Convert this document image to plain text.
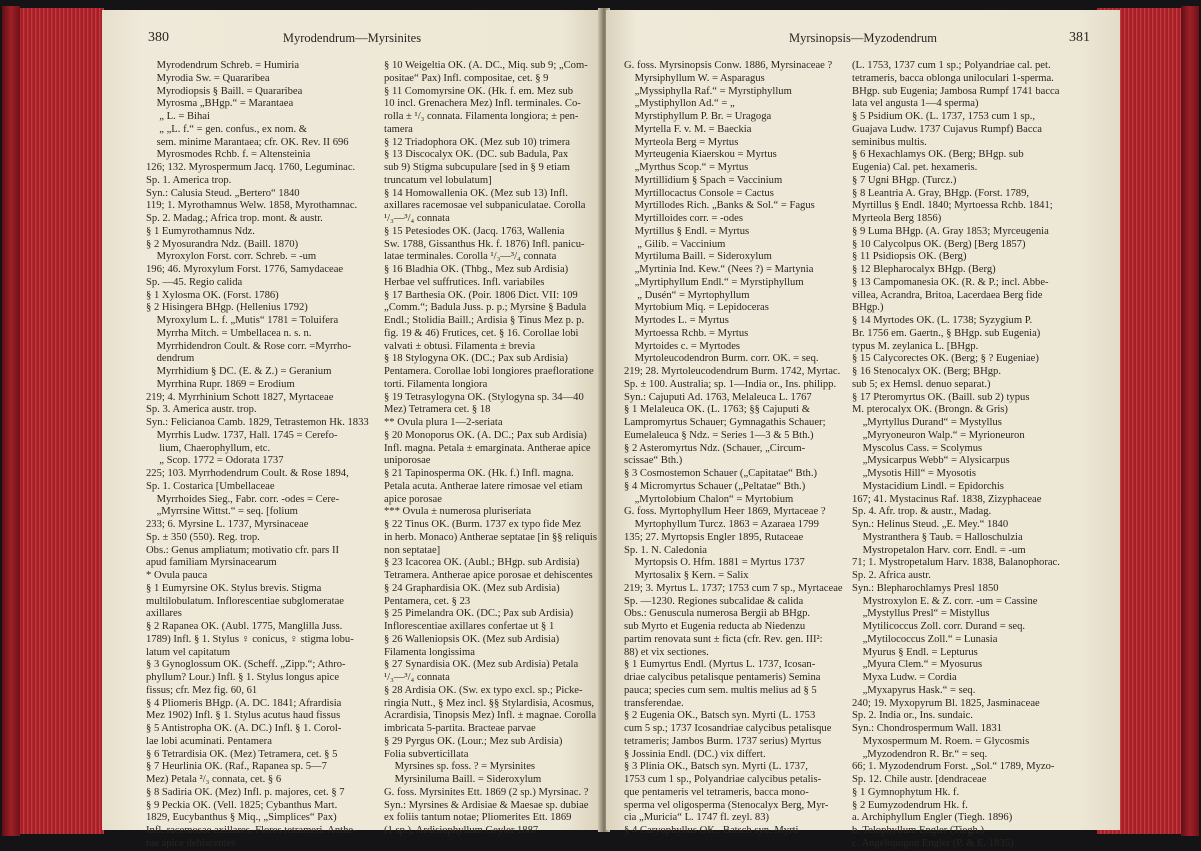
Myrodendrum—Myrsinites
380
 Myrodendrum Schreb. = Humiria
 Myrodia Sw. = Quararibea
 Myrodiopsis § Baill. = Quararibea
 Myrosma „BHgp.“ = Marantaea
  „ L. = Bihai
  „ „L. f.“ = gen. confus., ex nom. &
 sem. minime Marantaea; cfr. OK. Rev. II 696
 Myrosmodes Rchb. f. = Altensteinia
126; 132. Myrospermum Jacq. 1760, Leguminac.
Sp. 1. America trop.
Syn.: Calusia Steud. „Bertero“ 1840
119; 1. Myrothamnus Welw. 1858, Myrothamnac.
Sp. 2. Madag.; Africa trop. mont. & austr.
§ 1 Eumyrothamnus Ndz.
§ 2 Myosurandra Ndz. (Baill. 1870)
 Myroxylon Forst. corr. Schreb. = -um
196; 46. Myroxylum Forst. 1776, Samydaceae
Sp. —45. Regio calida
§ 1 Xylosma OK. (Forst. 1786)
§ 2 Hisingera BHgp. (Hellenius 1792)
 Myroxylum L. f. „Mutis“ 1781 = Toluifera
 Myrrha Mitch. = Umbellacea n. s. n.
 Myrrhidendron Coult. & Rose corr. =Myrrho-
 dendrum
 Myrrhidium § DC. (E. & Z.) = Geranium
 Myrrhina Rupr. 1869 = Erodium
219; 4. Myrrhinium Schott 1827, Myrtaceae
Sp. 3. America austr. trop.
Syn.: Felicianoa Camb. 1829, Tetrastemon Hk. 1833
 Myrrhis Ludw. 1737, Hall. 1745 = Cerefo-
  lium, Chaerophyllum, etc.
  „ Scop. 1772 = Odorata 1737
225; 103. Myrrhodendrum Coult. & Rose 1894,
Sp. 1. Costarica [Umbellaceae
 Myrrhoides Sieg., Fabr. corr. -odes = Cere-
 „Myrrsine Wittst.“ = seq. [folium
233; 6. Myrsine L. 1737, Myrsinaceae
Sp. ± 350 (550). Reg. trop.
Obs.: Genus ampliatum; motivatio cfr. pars II
apud familiam Myrsinacearum
* Ovula pauca
§ 1 Eumyrsine OK. Stylus brevis. Stigma
multilobulatum. Inflorescentiae subglomeratae
axillares
§ 2 Rapanea OK. (Aubl. 1775, Manglilla Juss.
1789) Infl. § 1. Stylus ♀ conicus, ♀ stigma lobu-
latum vel capitatum
§ 3 Gynoglossum OK. (Scheff. „Zipp.“; Athro-
phyllum? Lour.) Infl. § 1. Stylus longus apice
fissus; cfr. Mez fig. 60, 61
§ 4 Pliomeris BHgp. (A. DC. 1841; Afrardisia
Mez 1902) Infl. § 1. Stylus acutus haud fissus
§ 5 Antistropha OK. (A. DC.) Infl. § 1. Corol-
lae lobi acuminati. Pentamera
§ 6 Tetrardisia OK. (Mez) Tetramera, cet. § 5
§ 7 Heurlinia OK. (Raf., Rapanea sp. 5—7
Mez) Petala ²/₃ connata, cet. § 6
§ 8 Sadiria OK. (Mez) Infl. p. majores, cet. § 7
§ 9 Peckia OK. (Vell. 1825; Cybanthus Mart.
1829, Eucybanthus § Miq., „Simplices“ Pax)
Infl. racemosae axillares. Flores tetrameri. Anthe-
rae apice dehiscentes
§ 10 Weigeltia OK. (A. DC., Miq. sub 9; „Com-
positae“ Pax) Infl. compositae, cet. § 9
§ 11 Comomyrsine OK. (Hk. f. em. Mez sub
10 incl. Grenachera Mez) Infl. terminales. Co-
rolla ± ¹/₃ connata. Filamenta longiora; ± pen-
tamera
§ 12 Triadophora OK. (Mez sub 10) trimera
§ 13 Discocalyx OK. (DC. sub Badula, Pax
sub 9) Stigma subcupulare [sed in § 9 etiam
truncatum vel lobulatum]
§ 14 Homowallenia OK. (Mez sub 13) Infl.
axillares racemosae vel subpaniculatae. Corolla
¹/₃—³/₄ connata
§ 15 Petesiodes OK. (Jacq. 1763, Wallenia
Sw. 1788, Gissanthus Hk. f. 1876) Infl. panicu-
latae terminales. Corolla ¹/₃—³/₄ connata
§ 16 Bladhia OK. (Thbg., Mez sub Ardisia)
Herbae vel suffrutices. Infl. variabiles
§ 17 Barthesia OK. (Poir. 1806 Dict. VII: 109
„Comm.“; Badula Juss. p. p.; Myrsine § Badula
Endl.; Stolidia Baill.; Ardisia § Tinus Mez p. p.
fig. 19 & 46) Frutices, cet. § 16. Corollae lobi
valvati ± obtusi. Filamenta ± brevia
§ 18 Stylogyna OK. (DC.; Pax sub Ardisia)
Pentamera. Corollae lobi longiores praefloratione
torti. Filamenta longiora
§ 19 Tetrasylogyna OK. (Stylogyna sp. 34—40
Mez) Tetramera cet. § 18
** Ovula plura 1—2-seriata
§ 20 Monoporus OK. (A. DC.; Pax sub Ardisia)
Infl. magna. Petala ± emarginata. Antherae apice
uniporosae
§ 21 Tapinosperma OK. (Hk. f.) Infl. magna.
Petala acuta. Antherae latere rimosae vel etiam
apice porosae
*** Ovula ± numerosa pluriseriata
§ 22 Tinus OK. (Burm. 1737 ex typo fide Mez
in herb. Monaco) Antherae septatae [in §§ reliquis
non septatae]
§ 23 Icacorea OK. (Aubl.; BHgp. sub Ardisia)
Tetramera. Antherae apice porosae et dehiscentes
§ 24 Graphardisia OK. (Mez sub Ardisia)
Pentamera, cet. § 23
§ 25 Pimelandra OK. (DC.; Pax sub Ardisia)
Inflorescentiae axillares confertae ut § 1
§ 26 Walleniopsis OK. (Mez sub Ardisia)
Filamenta longissima
§ 27 Synardisia OK. (Mez sub Ardisia) Petala
¹/₃—³/₄ connata
§ 28 Ardisia OK. (Sw. ex typo excl. sp.; Picke-
ringia Nutt., § Mez incl. §§ Stylardisia, Acosmus,
Acrardisia, Tinopsis Mez) Infl. ± magnae. Corolla
imbricata 5-partita. Bracteae parvae
§ 29 Pyrgus OK. (Lour.; Mez sub Ardisia)
Folia subverticillata
 Myrsines sp. foss. ? = Myrsinites
 Myrsiniluma Baill. = Sideroxylum
G. foss. Myrsinites Ett. 1869 (2 sp.) Myrsinac. ?
Syn.: Myrsines & Ardisiae & Maesae sp. dubiae
ex foliis tantum notae; Pliomerites Ett. 1869
(1 sp.), Ardisiophyllum Geyler 1887
Myrsinopsis—Myzodendrum	381
G. foss. Myrsinopsis Conw. 1886, Myrsinaceae ?
 Myrsiphyllum W. = Asparagus
 „Myssiphylla Raf.“ = Myrstiphyllum
 „Mystiphyllon Ad.“ = „
 Myrstiphyllum P. Br. = Uragoga
 Myrtella F. v. M. = Baeckia
 Myrteola Berg = Myrtus
 Myrteugenia Kiaerskou = Myrtus
 „Myrthus Scop.“ = Myrtus
 Myrtillidium § Spach = Vaccinium
 Myrtillocactus Console = Cactus
 Myrtillodes Rich. „Banks & Sol.“ = Fagus
 Myrtilloides corr. = -odes
 Myrtillus § Endl. = Myrtus
  „ Gilib. = Vaccinium
 Myrtiluma Baill. = Sideroxylum
 „Myrtinia Ind. Kew.“ (Nees ?) = Martynia
 „Myrtiphyllum Endl.“ = Myrstiphyllum
  „ Dusén“ = Myrtophyllum
 Myrtobium Miq. = Lepidoceras
 Myrtodes L. = Myrtus
 Myrtoessa Rchb. = Myrtus
 Myrtoides c. = Myrtodes
 Myrtoleucodendron Burm. corr. OK. = seq.
219; 28. Myrtoleucodendrum Burm. 1742, Myrtac.
Sp. ± 100. Australia; sp. 1—India or., Ins. philipp.
Syn.: Cajuputi Ad. 1763, Melaleuca L. 1767
§ 1 Melaleuca OK. (L. 1763; §§ Cajuputi &
Lampromyrtus Schauer; Gymnagathis Schauer;
Eumelaleuca § Ndz. = Series 1—3 & 5 Bth.)
§ 2 Asteromyrtus Ndz. (Schauer, „Circum-
scissae“ Bth.)
§ 3 Cosmostemon Schauer („Capitatae“ Bth.)
§ 4 Micromyrtus Schauer („Peltatae“ Bth.)
 „Myrtolobium Chalon“ = Myrtobium
G. foss. Myrtophyllum Heer 1869, Myrtaceae ?
 Myrtophyllum Turcz. 1863 = Azaraea 1799
135; 27. Myrtopsis Engler 1895, Rutaceae
Sp. 1. N. Caledonia
 Myrtopsis O. Hfm. 1881 = Myrtus 1737
 Myrtosalix § Kern. = Salix
219; 3. Myrtus L. 1737; 1753 cum 7 sp., Myrtaceae
Sp. —1230. Regiones subcalidae & calida
Obs.: Genuscula numerosa Bergii ab BHgp.
sub Myrto et Eugenia reducta ab Niedenzu
partim renovata sunt ± ficta (cfr. Rev. gen. III²:
88) et vix sectiones.
§ 1 Eumyrtus Endl. (Myrtus L. 1737, Icosan-
driae calycibus petalisque pentameris) Semina
pauca; species cum sem. multis melius ad § 5
transferendae.
§ 2 Eugenia OK., Batsch syn. Myrti (L. 1753
cum 5 sp.; 1737 Icosandriae calycibus petalisque
tetrameris; Jambos Burm. 1737 serius) Myrtus
§ Jossinia Endl. (DC.) vix differt.
§ 3 Plinia OK., Batsch syn. Myrti (L. 1737,
1753 cum 1 sp., Polyandriae calycibus petalis-
que pentameris vel tetrameris, bacca mono-
sperma vel oligosperma (Stenocalyx Berg, Myr-
cia „Muricia“ L. 1747 fl. zeyl. 83)
§ 4 Caryophyllus OK., Batsch syn. Myrti
(L. 1753, 1737 cum 1 sp.; Polyandriae cal. pet.
tetrameris, bacca oblonga uniloculari 1-sperma.
BHgp. sub Eugenia; Jambosa Rumpf 1741 bacca
lata vel angusta 1—4 sperma)
§ 5 Psidium OK. (L. 1737, 1753 cum 1 sp.,
Guajava Ludw. 1737 Cujavus Rumpf) Bacca
seminibus multis.
§ 6 Hexachlamys OK. (Berg; BHgp. sub
Eugenia) Cal. pet. hexameris.
§ 7 Ugni BHgp. (Turcz.)
§ 8 Leantria A. Gray, BHgp. (Forst. 1789,
Myrtillus § Endl. 1840; Myrtoessa Rchb. 1841;
Myrteola Berg 1856)
§ 9 Luma BHgp. (A. Gray 1853; Myrceugenia
§ 10 Calycolpus OK. (Berg) [Berg 1857)
§ 11 Psidiopsis OK. (Berg)
§ 12 Blepharocalyx BHgp. (Berg)
§ 13 Campomanesia OK. (R. & P.; incl. Abbe-
villea, Acrandra, Britoa, Lacerdaea Berg fide
BHgp.)
§ 14 Myrtodes OK. (L. 1738; Syzygium P.
Br. 1756 em. Gaertn., § BHgp. sub Eugenia)
typus M. zeylanica L. [BHgp.
§ 15 Calycorectes OK. (Berg; § ? Eugeniae)
§ 16 Stenocalyx OK. (Berg; BHgp.
sub 5; ex Hemsl. denuo separat.)
§ 17 Pteromyrtus OK. (Baill. sub 2) typus
M. pterocalyx OK. (Brongn. & Gris)
 „Myrtyllus Durand“ = Mystyllus
 „Myryoneuron Walp.“ = Myrioneuron
 Myscolus Cass. = Scolymus
 „Mysicarpus Webb“ = Alysicarpus
 „Mysotis Hill“ = Myosotis
 Mystacidium Lindl. = Epidorchis
167; 41. Mystacinus Raf. 1838, Zizyphaceae
Sp. 4. Afr. trop. & austr., Madag.
Syn.: Helinus Steud. „E. Mey.“ 1840
 Mystranthera § Taub. = Halloschulzia
 Mystropetalon Harv. corr. Endl. = -um
71; 1. Mystropetalum Harv. 1838, Balanophorac.
Sp. 2. Africa austr.
Syn.: Blepharochlamys Presl 1850
 Mystroxylon E. & Z. corr. -um = Cassine
 „Mystyllus Presl“ = Mistyllus
 Mytilicoccus Zoll. corr. Durand = seq.
 „Mytilococcus Zoll.“ = Lunasia
 Myurus § Endl. = Lepturus
 „Myura Clem.“ = Myosurus
 Myxa Ludw. = Cordia
 „Myxapyrus Hask.“ = seq.
240; 19. Myxopyrum Bl. 1825, Jasminaceae
Sp. 2. India or., Ins. sundaic.
Syn.: Chondrospermum Wall. 1831
 Myxospermum M. Roem. = Glycosmis
 „Myzodendron R. Br.“ = seq.
66; 1. Myzodendrum Forst. „Sol.“ 1789, Myzo-
Sp. 12. Chile austr. [dendraceae
§ 1 Gymnophytum Hk. f.
§ 2 Eumyzodendrum Hk. f.
a. Archiphyllum Engler (Tiegh. 1896)
b. Telophyllum Engler (Tiegh.)
c. Angelopogon Engler (P. & E. 1835)
